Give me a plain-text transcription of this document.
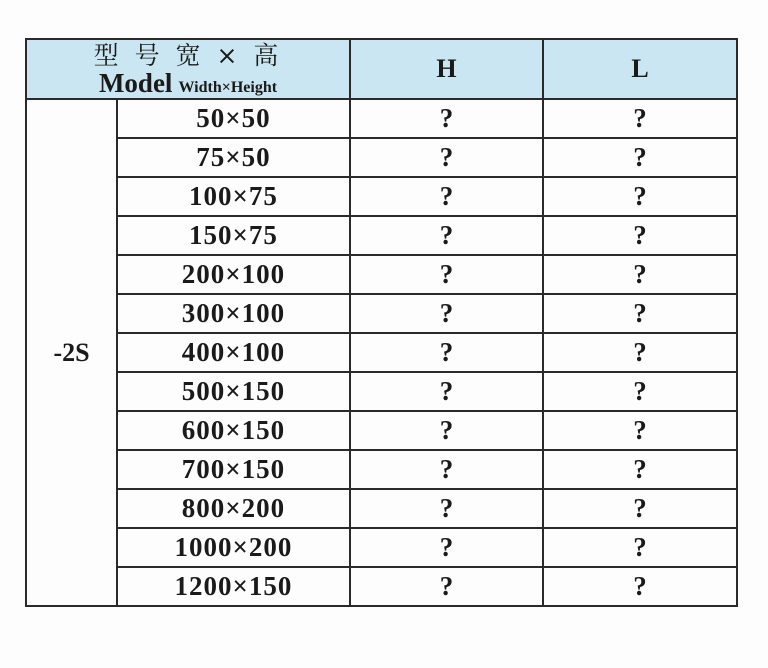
型 号 宽 × 高
Model Width×Height		H	L
-2S	50×50	?	?
	75×50	?	?
	100×75	?	?
	150×75	?	?
	200×100	?	?
	300×100	?	?
	400×100	?	?
	500×150	?	?
	600×150	?	?
	700×150	?	?
	800×200	?	?
	1000×200	?	?
	1200×150	?	?
